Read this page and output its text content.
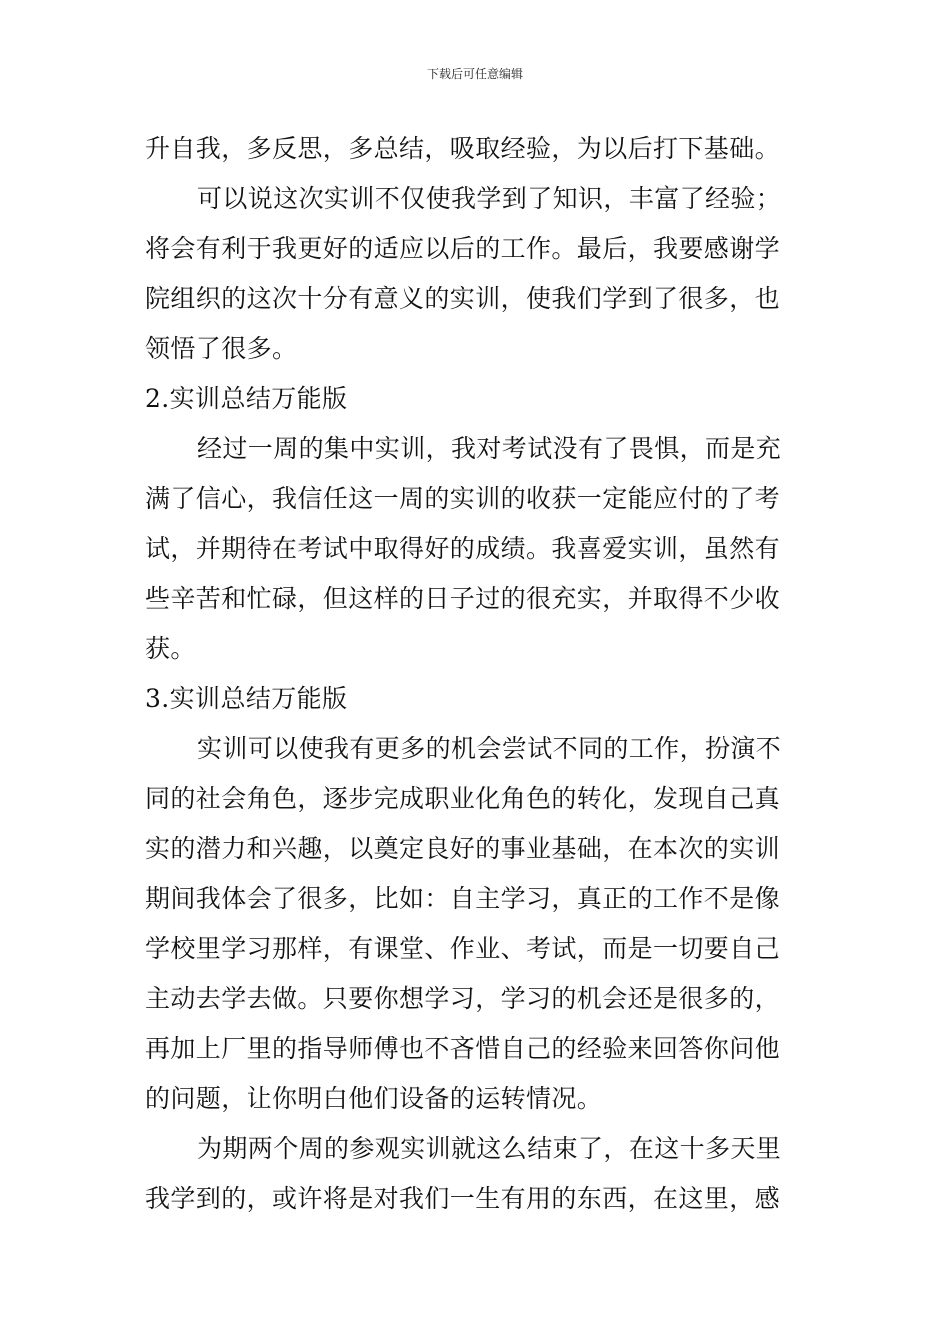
下载后可任意编辑
升自我，多反思，多总结，吸取经验，为以后打下基础。
可以说这次实训不仅使我学到了知识，丰富了经验；
将会有利于我更好的适应以后的工作。最后，我要感谢学
院组织的这次十分有意义的实训，使我们学到了很多，也
领悟了很多。
2.实训总结万能版
经过一周的集中实训，我对考试没有了畏惧，而是充
满了信心，我信任这一周的实训的收获一定能应付的了考
试，并期待在考试中取得好的成绩。我喜爱实训，虽然有
些辛苦和忙碌，但这样的日子过的很充实，并取得不少收
获。
3.实训总结万能版
实训可以使我有更多的机会尝试不同的工作，扮演不
同的社会角色，逐步完成职业化角色的转化，发现自己真
实的潜力和兴趣，以奠定良好的事业基础，在本次的实训
期间我体会了很多，比如：自主学习，真正的工作不是像
学校里学习那样，有课堂、作业、考试，而是一切要自己
主动去学去做。只要你想学习，学习的机会还是很多的，
再加上厂里的指导师傅也不吝惜自己的经验来回答你问他
的问题，让你明白他们设备的运转情况。
为期两个周的参观实训就这么结束了，在这十多天里
我学到的，或许将是对我们一生有用的东西，在这里，感
